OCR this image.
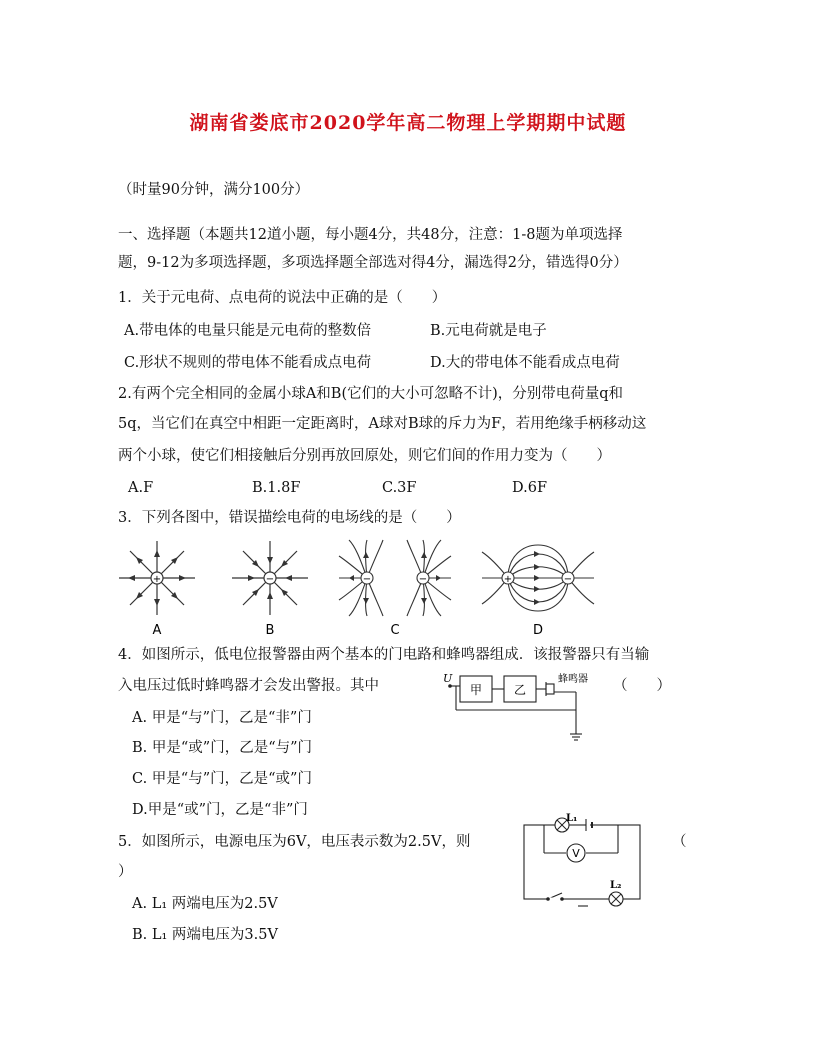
湖南省娄底市2020学年高二物理上学期期中试题
（时量90分钟，满分100分）
一、选择题（本题共12道小题，每小题4分，共48分，注意：1-8题为单项选择
题，9-12为多项选择题，多项选择题全部选对得4分，漏选得2分，错选得0分）
1．关于元电荷、点电荷的说法中正确的是（　　）
A.带电体的电量只能是元电荷的整数倍	B.元电荷就是电子
C.形状不规则的带电体不能看成点电荷	D.大的带电体不能看成点电荷
2.有两个完全相同的金属小球A和B(它们的大小可忽略不计)，分别带电荷量q和
5q，当它们在真空中相距一定距离时，A球对B球的斥力为F，若用绝缘手柄移动这
两个小球，使它们相接触后分别再放回原处，则它们间的作用力变为（　　）
A.F	B.1.8F	C.3F	D.6F
3．下列各图中，错误描绘电荷的电场线的是（　　）
+
A
−
B
−	−
C
+	−
D
4．如图所示，低电位报警器由两个基本的门电路和蜂鸣器组成．该报警器只有当输
入电压过低时蜂鸣器才会发出警报。其中	（　　）
U
甲	乙
蜂鸣器
A. 甲是“与”门，乙是“非”门
B. 甲是“或”门，乙是“与”门
C. 甲是“与”门，乙是“或”门
D.甲是“或”门，乙是“非”门
5．如图所示，电源电压为6V，电压表示数为2.5V，则	（
）
V
L₁
L₂
A. L₁ 两端电压为2.5V
B. L₁ 两端电压为3.5V
